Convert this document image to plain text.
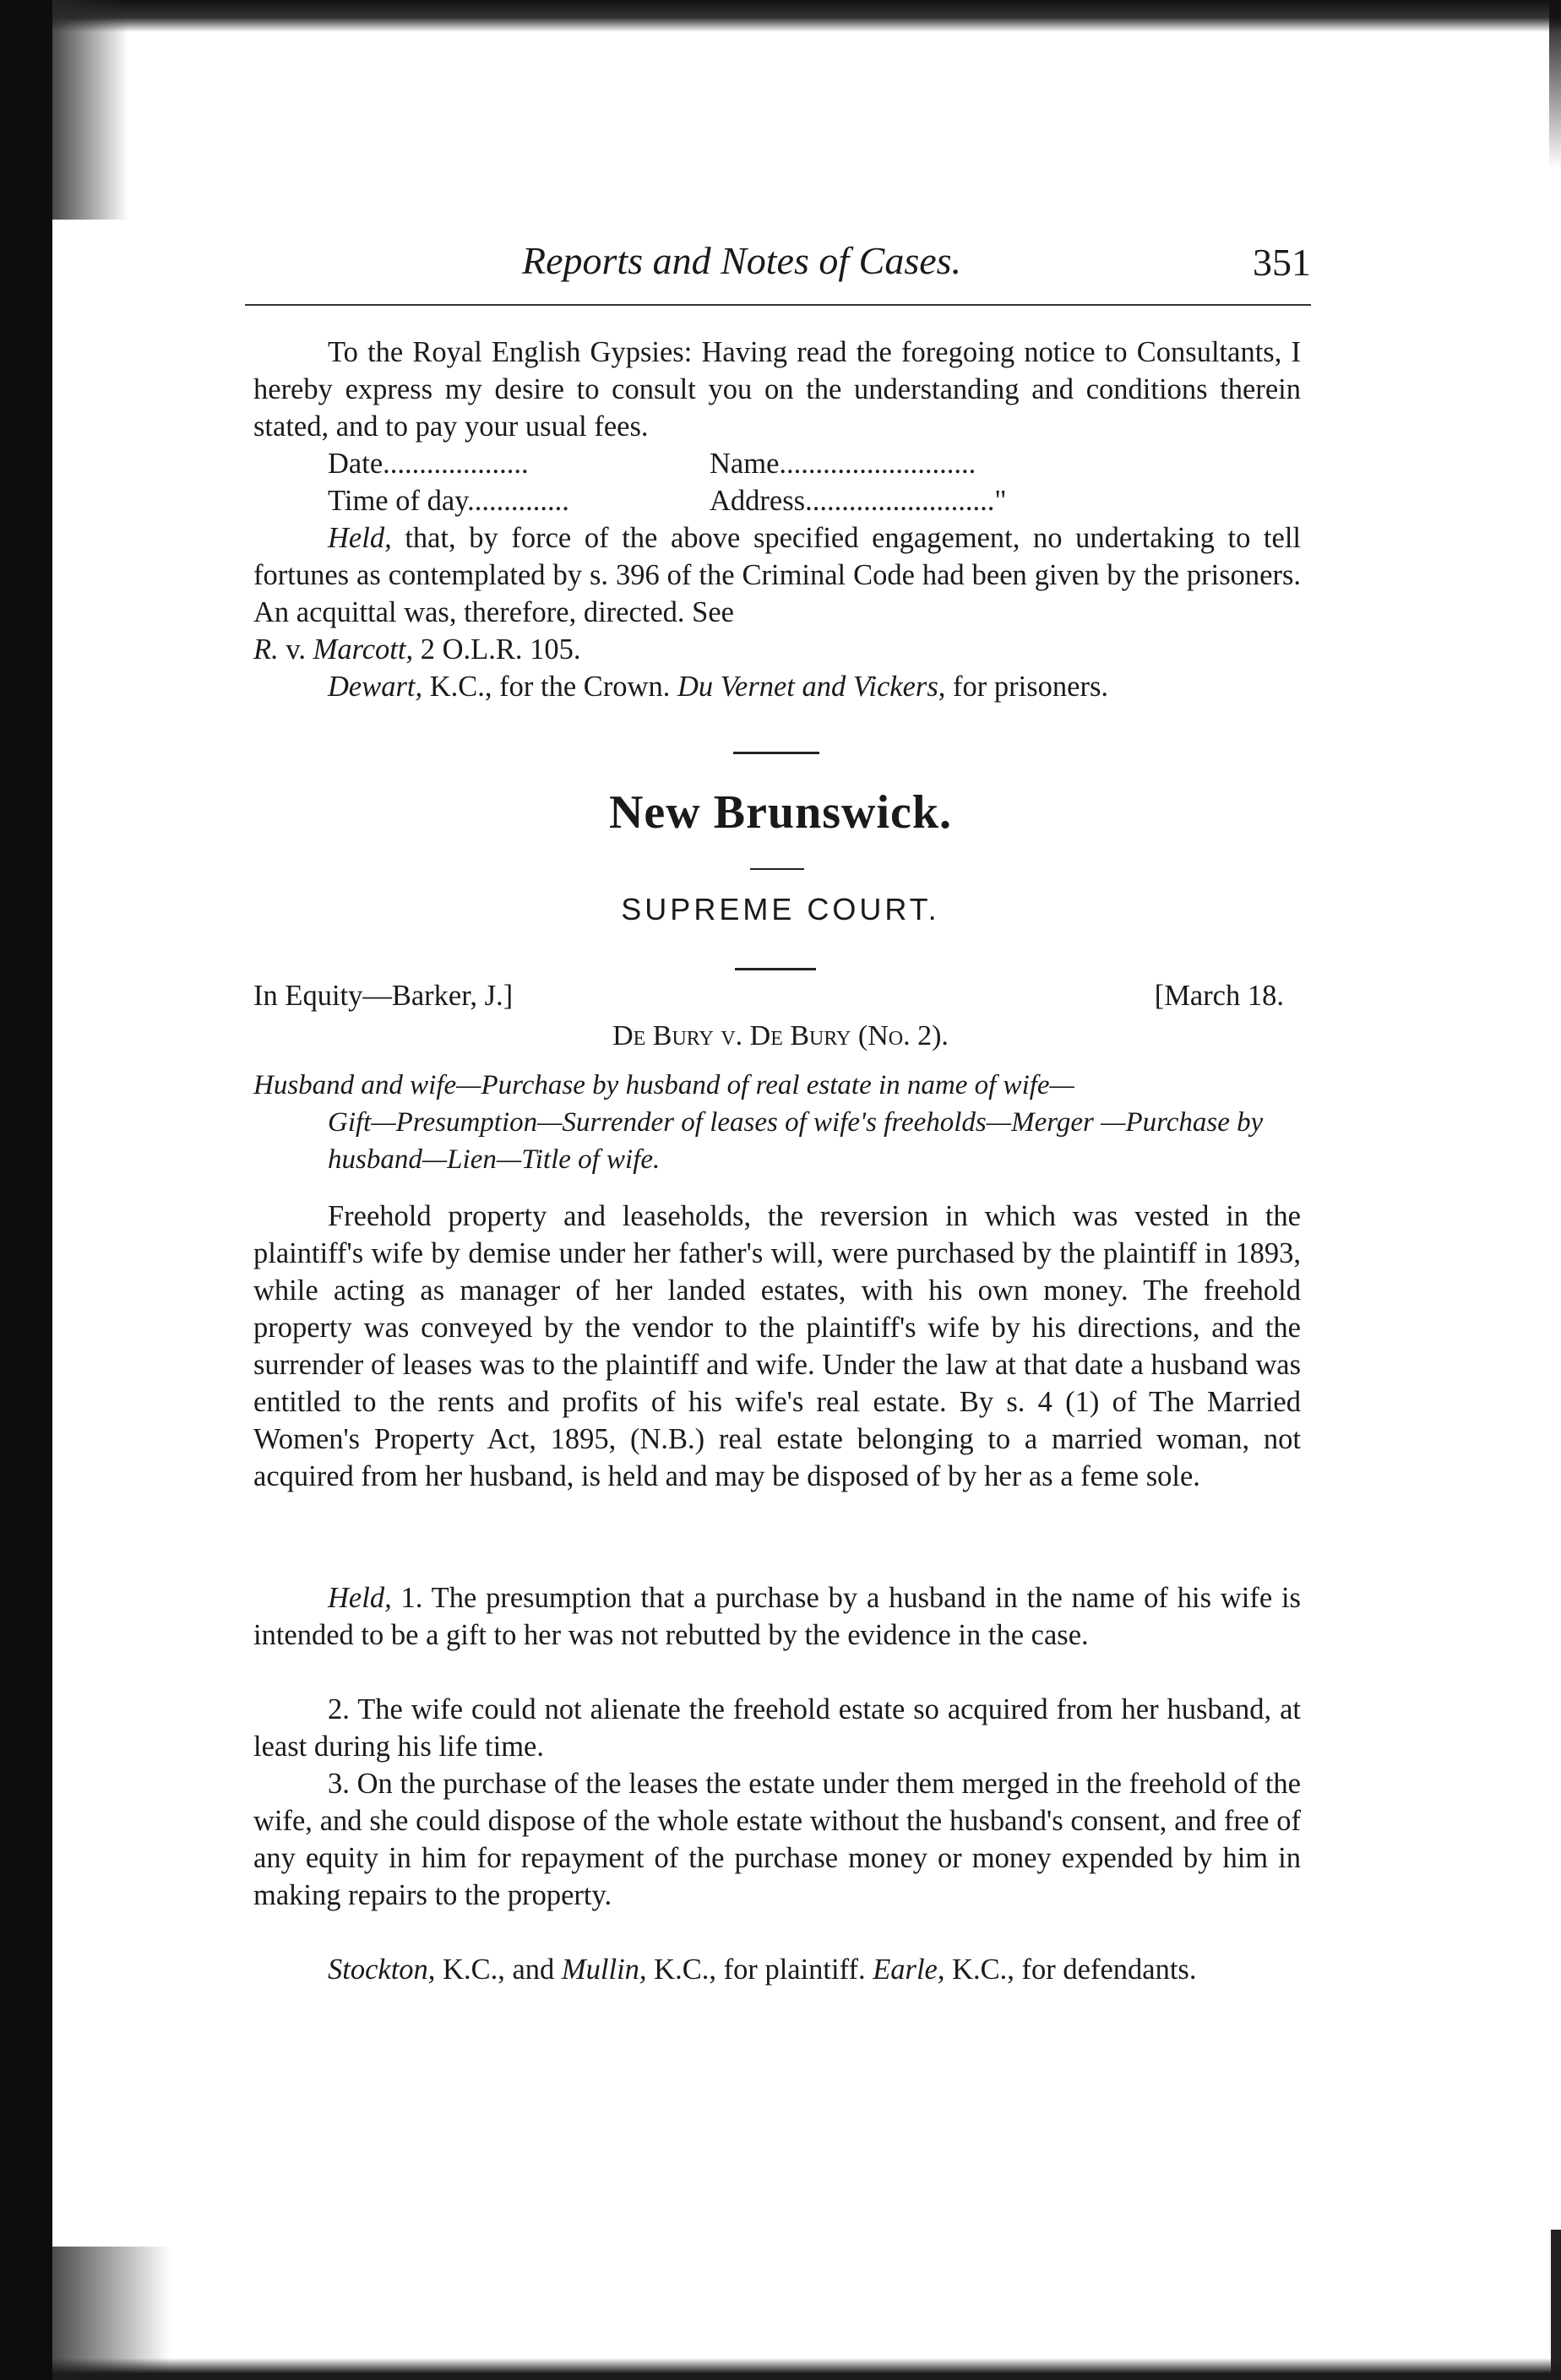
Reports and Notes of Cases.	351

To the Royal English Gypsies: Having read the foregoing notice to Consultants, I hereby express my desire to consult you on the understanding and conditions therein stated, and to pay your usual fees.

Date....................	Name...........................
Time of day..............	Address.........................."

Held, that, by force of the above specified engagement, no undertaking to tell fortunes as contemplated by s. 396 of the Criminal Code had been given by the prisoners. An acquittal was, therefore, directed. See

R. v. Marcott, 2 O.L.R. 105.

Dewart, K.C., for the Crown. Du Vernet and Vickers, for prisoners.

New Brunswick.
SUPREME COURT.
In Equity—Barker, J.]	[March 18.
De Bury v. De Bury (No. 2).
Husband and wife—Purchase by husband of real estate in name of wife—
Gift—Presumption—Surrender of leases of wife's freeholds—Merger —Purchase by husband—Lien—Title of wife.

Freehold property and leaseholds, the reversion in which was vested in the plaintiff's wife by demise under her father's will, were purchased by the plaintiff in 1893, while acting as manager of her landed estates, with his own money. The freehold property was conveyed by the vendor to the plaintiff's wife by his directions, and the surrender of leases was to the plaintiff and wife. Under the law at that date a husband was entitled to the rents and profits of his wife's real estate. By s. 4 (1) of The Married Women's Property Act, 1895, (N.B.) real estate belonging to a married woman, not acquired from her husband, is held and may be disposed of by her as a feme sole.

Held, 1. The presumption that a purchase by a husband in the name of his wife is intended to be a gift to her was not rebutted by the evidence in the case.

2. The wife could not alienate the freehold estate so acquired from her husband, at least during his life time.

3. On the purchase of the leases the estate under them merged in the freehold of the wife, and she could dispose of the whole estate without the husband's consent, and free of any equity in him for repayment of the purchase money or money expended by him in making repairs to the property.

Stockton, K.C., and Mullin, K.C., for plaintiff. Earle, K.C., for defendants.
